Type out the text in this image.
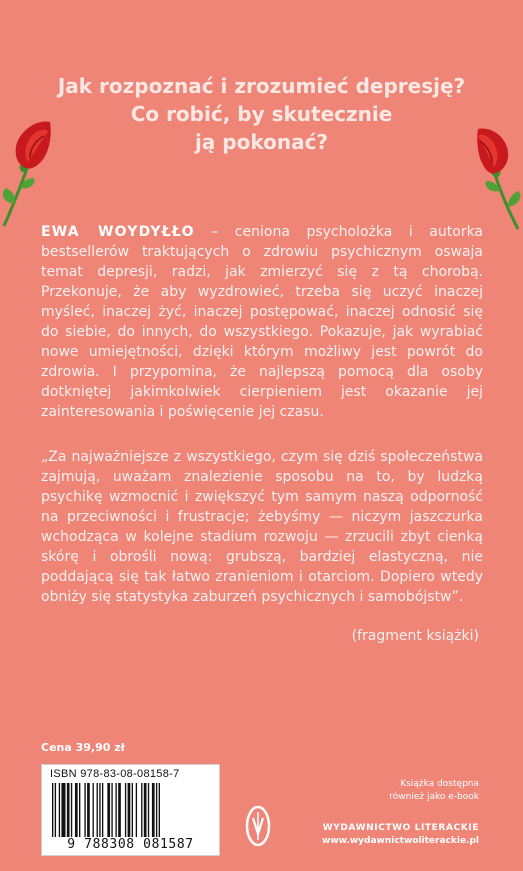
Jak rozpoznać i zrozumieć depresję?
Co robić, by skutecznie
ją pokonać?
EWA WOYDYŁŁO – ceniona psycholożka i autorka bestsellerów traktujących o zdrowiu psychicznym oswaja temat depresji, radzi, jak zmierzyć się z tą chorobą. Przekonuje, że aby wyzdrowieć, trzeba się uczyć inaczej myśleć, inaczej żyć, inaczej postępować, inaczej odnosić się do siebie, do innych, do wszystkiego. Pokazuje, jak wyrabiać nowe umiejętności, dzięki którym możliwy jest powrót do zdrowia. I przypomina, że najlepszą pomocą dla osoby dotkniętej jakimkolwiek cierpieniem jest okazanie jej zainteresowania i poświęcenie jej czasu.
„Za najważniejsze z wszystkiego, czym się dziś społeczeństwa zajmują, uważam znalezienie sposobu na to, by ludzką psychikę wzmocnić i zwiększyć tym samym naszą odporność na przeciwności i frustracje; żebyśmy — niczym jaszczurka wchodząca w kolejne stadium rozwoju — zrzucili zbyt cienką skórę i obrośli nową: grubszą, bardziej elastyczną, nie poddającą się tak łatwo zranieniom i otarciom. Dopiero wtedy obniży się statystyka zaburzeń psychicznych i samobójstw”.
(fragment książki)
Cena 39,90 zł
ISBN 978-83-08-08158-7
9 788308 081587
Książka dostępna
również jako e-book
WYDAWNICTWO LITERACKIE
www.wydawnictwoliterackie.pl
